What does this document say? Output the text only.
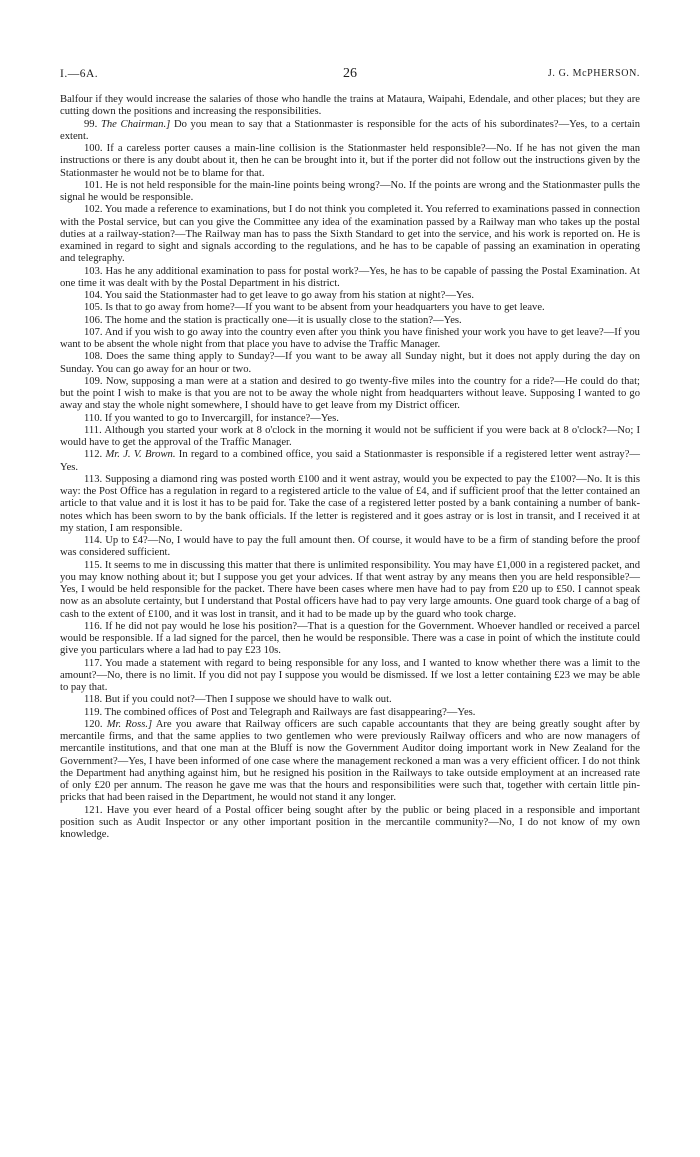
I.—6A.	26	J. G. McPHERSON.

Balfour if they would increase the salaries of those who handle the trains at Mataura, Waipahi, Edendale, and other places; but they are cutting down the positions and increasing the responsibilities.

99. The Chairman.] Do you mean to say that a Stationmaster is responsible for the acts of his subordinates?—Yes, to a certain extent.

100. If a careless porter causes a main-line collision is the Stationmaster held responsible?—No. If he has not given the man instructions or there is any doubt about it, then he can be brought into it, but if the porter did not follow out the instructions given by the Stationmaster he would not be to blame for that.

101. He is not held responsible for the main-line points being wrong?—No. If the points are wrong and the Stationmaster pulls the signal he would be responsible.

102. You made a reference to examinations, but I do not think you completed it. You referred to examinations passed in connection with the Postal service, but can you give the Committee any idea of the examination passed by a Railway man who takes up the postal duties at a railway-station?—The Railway man has to pass the Sixth Standard to get into the service, and his work is reported on. He is examined in regard to sight and signals according to the regulations, and he has to be capable of passing an examination in operating and telegraphy.

103. Has he any additional examination to pass for postal work?—Yes, he has to be capable of passing the Postal Examination. At one time it was dealt with by the Postal Department in his district.

104. You said the Stationmaster had to get leave to go away from his station at night?—Yes.

105. Is that to go away from home?—If you want to be absent from your headquarters you have to get leave.

106. The home and the station is practically one—it is usually close to the station?—Yes.

107. And if you wish to go away into the country even after you think you have finished your work you have to get leave?—If you want to be absent the whole night from that place you have to advise the Traffic Manager.

108. Does the same thing apply to Sunday?—If you want to be away all Sunday night, but it does not apply during the day on Sunday. You can go away for an hour or two.

109. Now, supposing a man were at a station and desired to go twenty-five miles into the country for a ride?—He could do that; but the point I wish to make is that you are not to be away the whole night from headquarters without leave. Supposing I wanted to go away and stay the whole night somewhere, I should have to get leave from my District officer.

110. If you wanted to go to Invercargill, for instance?—Yes.

111. Although you started your work at 8 o'clock in the morning it would not be sufficient if you were back at 8 o'clock?—No; I would have to get the approval of the Traffic Manager.

112. Mr. J. V. Brown. In regard to a combined office, you said a Stationmaster is responsible if a registered letter went astray?—Yes.

113. Supposing a diamond ring was posted worth £100 and it went astray, would you be expected to pay the £100?—No. It is this way: the Post Office has a regulation in regard to a registered article to the value of £4, and if sufficient proof that the letter contained an article to that value and it is lost it has to be paid for. Take the case of a registered letter posted by a bank containing a number of bank-notes which has been sworn to by the bank officials. If the letter is registered and it goes astray or is lost in transit, and I received it at my station, I am responsible.

114. Up to £4?—No, I would have to pay the full amount then. Of course, it would have to be a firm of standing before the proof was considered sufficient.

115. It seems to me in discussing this matter that there is unlimited responsibility. You may have £1,000 in a registered packet, and you may know nothing about it; but I suppose you get your advices. If that went astray by any means then you are held responsible?—Yes, I would be held responsible for the packet. There have been cases where men have had to pay from £20 up to £50. I cannot speak now as an absolute certainty, but I understand that Postal officers have had to pay very large amounts. One guard took charge of a bag of cash to the extent of £100, and it was lost in transit, and it had to be made up by the guard who took charge.

116. If he did not pay would he lose his position?—That is a question for the Government. Whoever handled or received a parcel would be responsible. If a lad signed for the parcel, then he would be responsible. There was a case in point of which the institute could give you particulars where a lad had to pay £23 10s.

117. You made a statement with regard to being responsible for any loss, and I wanted to know whether there was a limit to the amount?—No, there is no limit. If you did not pay I suppose you would be dismissed. If we lost a letter containing £23 we may be able to pay that.

118. But if you could not?—Then I suppose we should have to walk out.

119. The combined offices of Post and Telegraph and Railways are fast disappearing?—Yes.

120. Mr. Ross.] Are you aware that Railway officers are such capable accountants that they are being greatly sought after by mercantile firms, and that the same applies to two gentlemen who were previously Railway officers and who are now managers of mercantile institutions, and that one man at the Bluff is now the Government Auditor doing important work in New Zealand for the Government?—Yes, I have been informed of one case where the management reckoned a man was a very efficient officer. I do not think the Department had anything against him, but he resigned his position in the Railways to take outside employment at an increased rate of only £20 per annum. The reason he gave me was that the hours and responsibilities were such that, together with certain little pin-pricks that had been raised in the Department, he would not stand it any longer.

121. Have you ever heard of a Postal officer being sought after by the public or being placed in a responsible and important position such as Audit Inspector or any other important position in the mercantile community?—No, I do not know of my own knowledge.
